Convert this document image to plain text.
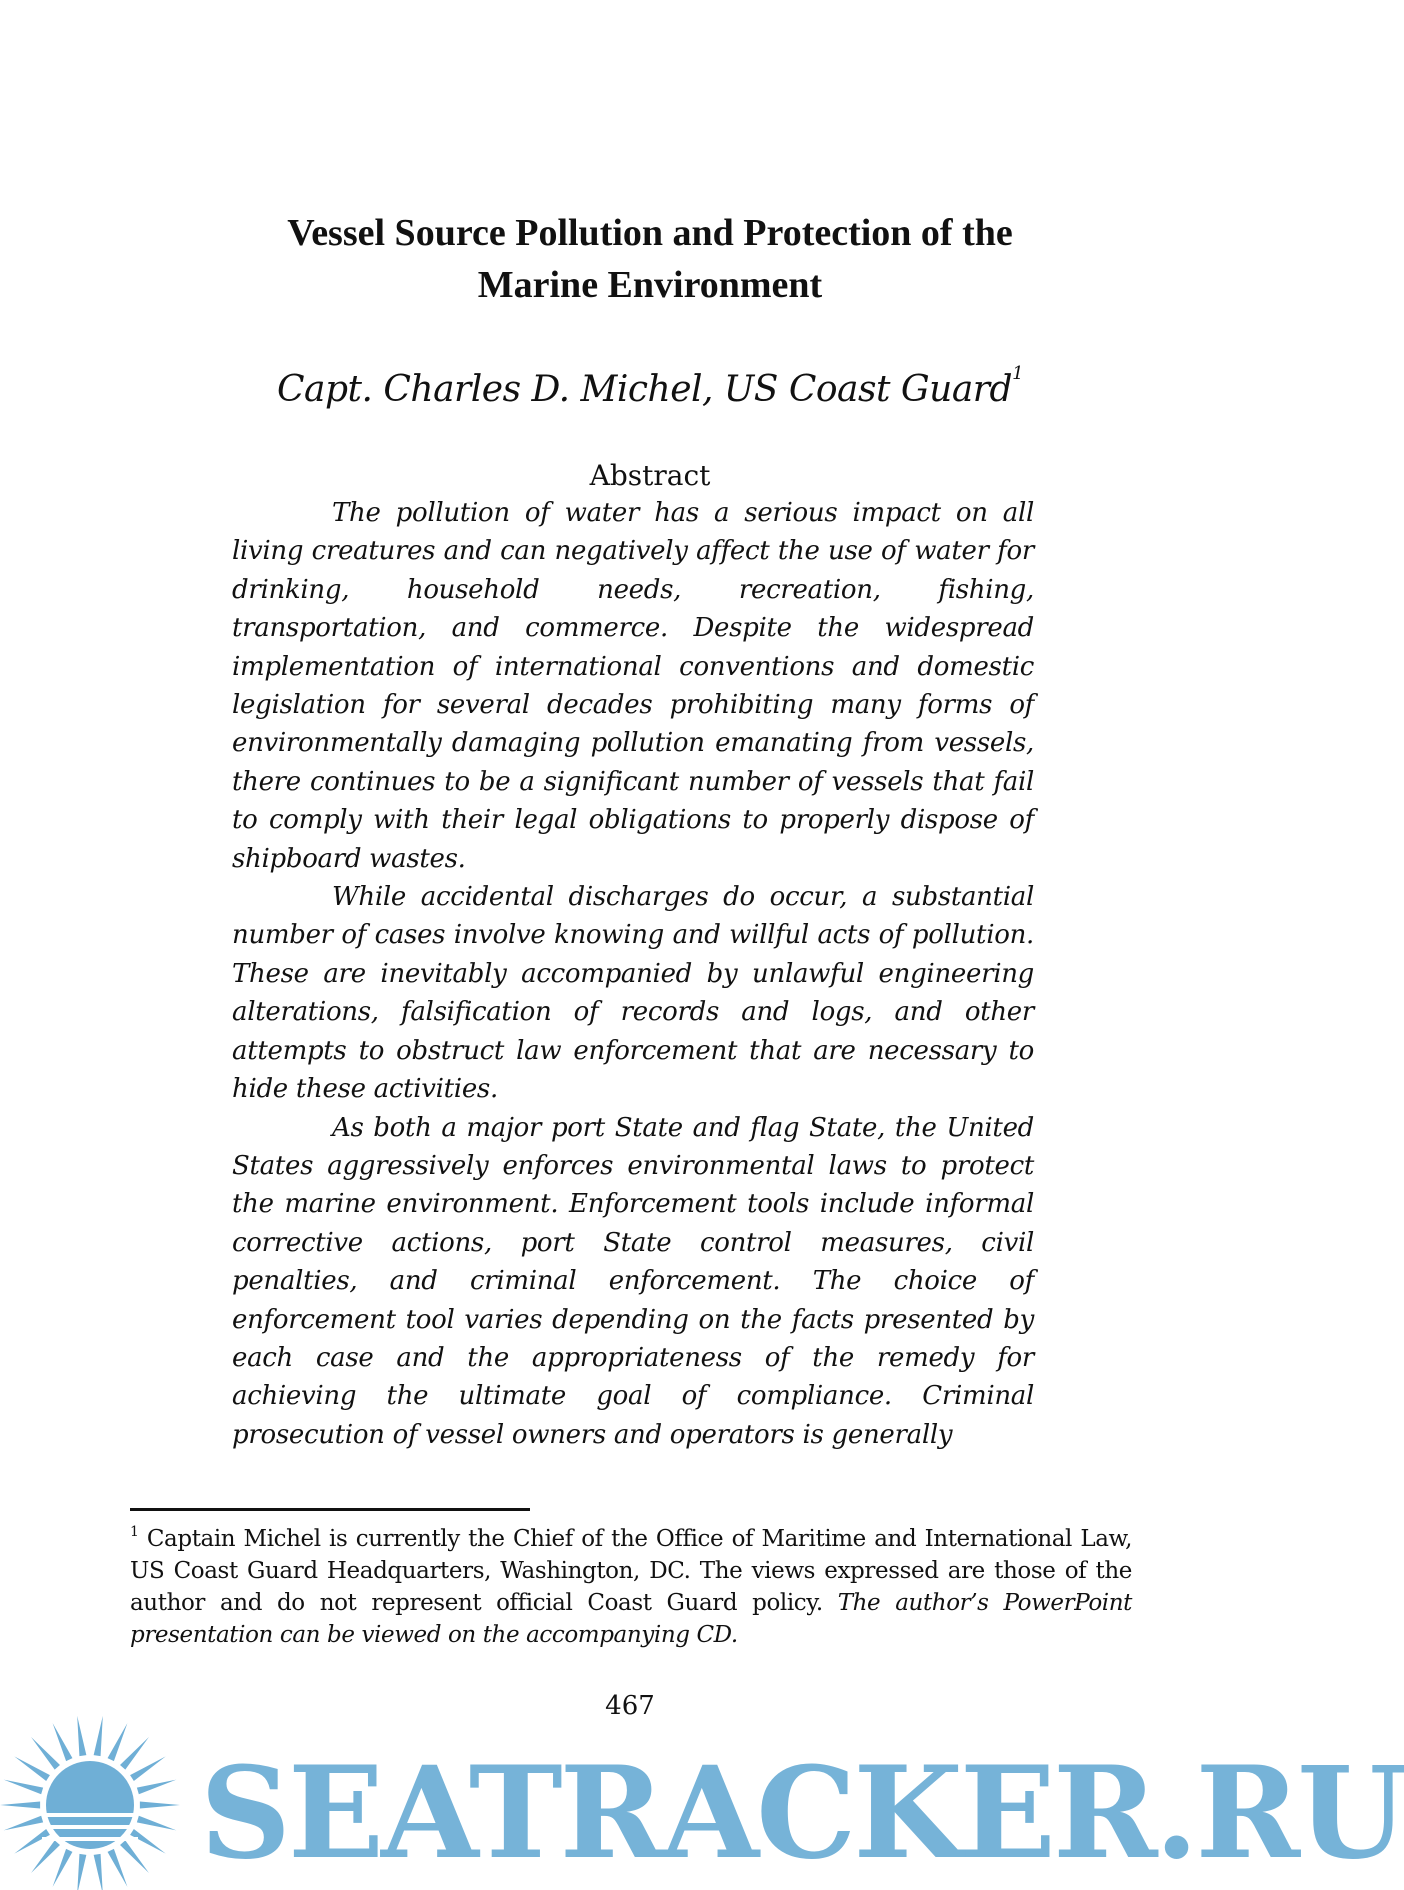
Vessel Source Pollution and Protection of the
Marine Environment
Capt. Charles D. Michel, US Coast Guard$^1$
Abstract

The pollution of water has a serious impact on all living creatures and can negatively affect the use of water for drinking, household needs, recreation, fishing, transportation, and commerce. Despite the widespread implementation of international conventions and domestic legislation for several decades prohibiting many forms of environmentally damaging pollution emanating from vessels, there continues to be a significant number of vessels that fail to comply with their legal obligations to properly dispose of shipboard wastes.

While accidental discharges do occur, a substantial number of cases involve knowing and willful acts of pollution. These are inevitably accompanied by unlawful engineering alterations, falsification of records and logs, and other attempts to obstruct law enforcement that are necessary to hide these activities.

As both a major port State and flag State, the United States aggressively enforces environmental laws to protect the marine environment. Enforcement tools include informal corrective actions, port State control measures, civil penalties, and criminal enforcement. The choice of enforcement tool varies depending on the facts presented by each case and the appropriateness of the remedy for achieving the ultimate goal of compliance. Criminal prosecution of vessel owners and operators is generally

$^1$ Captain Michel is currently the Chief of the Office of Maritime and International Law, US Coast Guard Headquarters, Washington, DC. The views expressed are those of the author and do not represent official Coast Guard policy. The author’s PowerPoint presentation can be viewed on the accompanying CD.

467
SEATRACKER.RU
